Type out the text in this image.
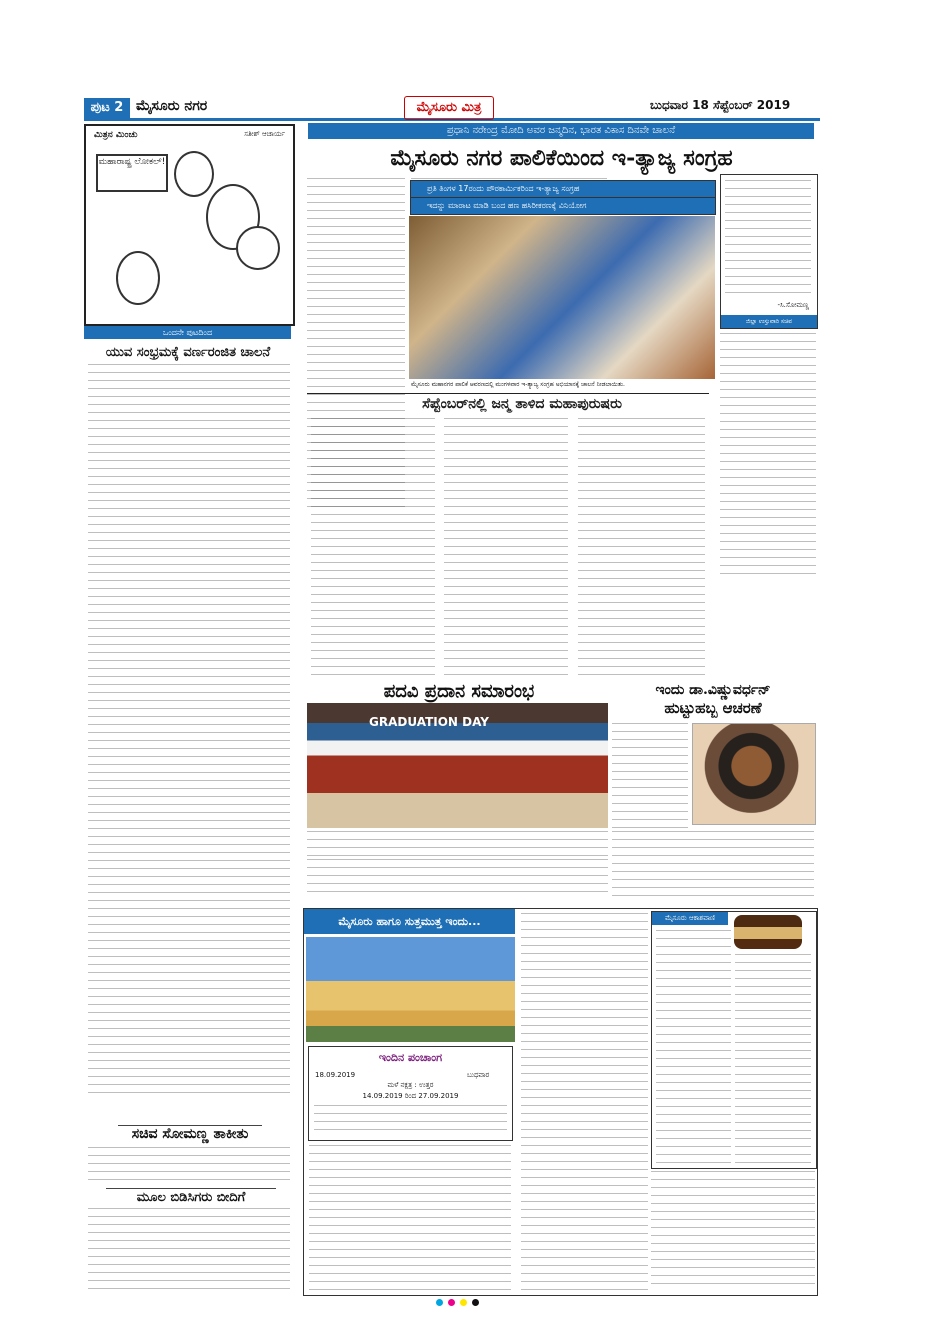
ಪುಟ 2 ಮೈಸೂರು ನಗರ	ಮೈಸೂರು ಮಿತ್ರ	ಬುಧವಾರ 18 ಸೆಪ್ಟೆಂಬರ್ 2019
ಮಿತ್ರನ ಮಿಂಚು	ಸತೀಶ್ ಆಚಾರ್ಯ
ಮಹಾರಾಷ್ಟ್ರ ಲೋಕಲ್!
ಒಂದನೇ ಪುಟದಿಂದ
ಯುವ ಸಂಭ್ರಮಕ್ಕೆ ವರ್ಣರಂಜಿತ ಚಾಲನೆ
ಸಚಿವ ಸೋಮಣ್ಣ ತಾಕೀತು
ಮೂಲ ಬಿಡಿಸಿಗರು ಬೀದಿಗೆ
ಪ್ರಧಾನಿ ನರೇಂದ್ರ ಮೋದಿ ಅವರ ಜನ್ಮದಿನ, ಭಾರತ ವಿಕಾಸ ದಿನವೇ ಚಾಲನೆ
ಮೈಸೂರು ನಗರ ಪಾಲಿಕೆಯಿಂದ ಇ-ತ್ಯಾಜ್ಯ ಸಂಗ್ರಹ
ಪ್ರತಿ ತಿಂಗಳ 17ರಂದು ಪೌರಕಾರ್ಮಿಕರಿಂದ ಇ-ತ್ಯಾಜ್ಯ ಸಂಗ್ರಹ
ಇದನ್ನು ಮಾರಾಟ ಮಾಡಿ ಬಂದ ಹಣ ಹಸಿರೀಕರಣಕ್ಕೆ ವಿನಿಯೋಗ
ಮೈಸೂರು ಮಹಾನಗರ ಪಾಲಿಕೆ ಆವರಣದಲ್ಲಿ ಮಂಗಳವಾರ ಇ-ತ್ಯಾಜ್ಯ ಸಂಗ್ರಹ ಅಭಿಯಾನಕ್ಕೆ ಚಾಲನೆ ನೀಡಲಾಯಿತು.
-ಸಿ.ಸೋಮಣ್ಣ
ಜಿಲ್ಲಾ ಉಸ್ತುವಾರಿ ಸಚಿವ
ಸೆಪ್ಟೆಂಬರ್‌ನಲ್ಲಿ ಜನ್ಮ ತಾಳಿದ ಮಹಾಪುರುಷರು
ಪದವಿ ಪ್ರದಾನ ಸಮಾರಂಭ
GRADUATION DAY
ಇಂದು ಡಾ.ವಿಷ್ಣುವರ್ಧನ್
ಹುಟ್ಟುಹಬ್ಬ ಆಚರಣೆ
ಮೈಸೂರು ಹಾಗೂ ಸುತ್ತಮುತ್ತ ಇಂದು...
ಇಂದಿನ ಪಂಚಾಂಗ
18.09.2019	ಬುಧವಾರ
ಮಳೆ ನಕ್ಷತ್ರ : ಉತ್ತರ
14.09.2019 ರಿಂದ 27.09.2019
ಮೈಸೂರು ಆಕಾಶವಾಣಿ
